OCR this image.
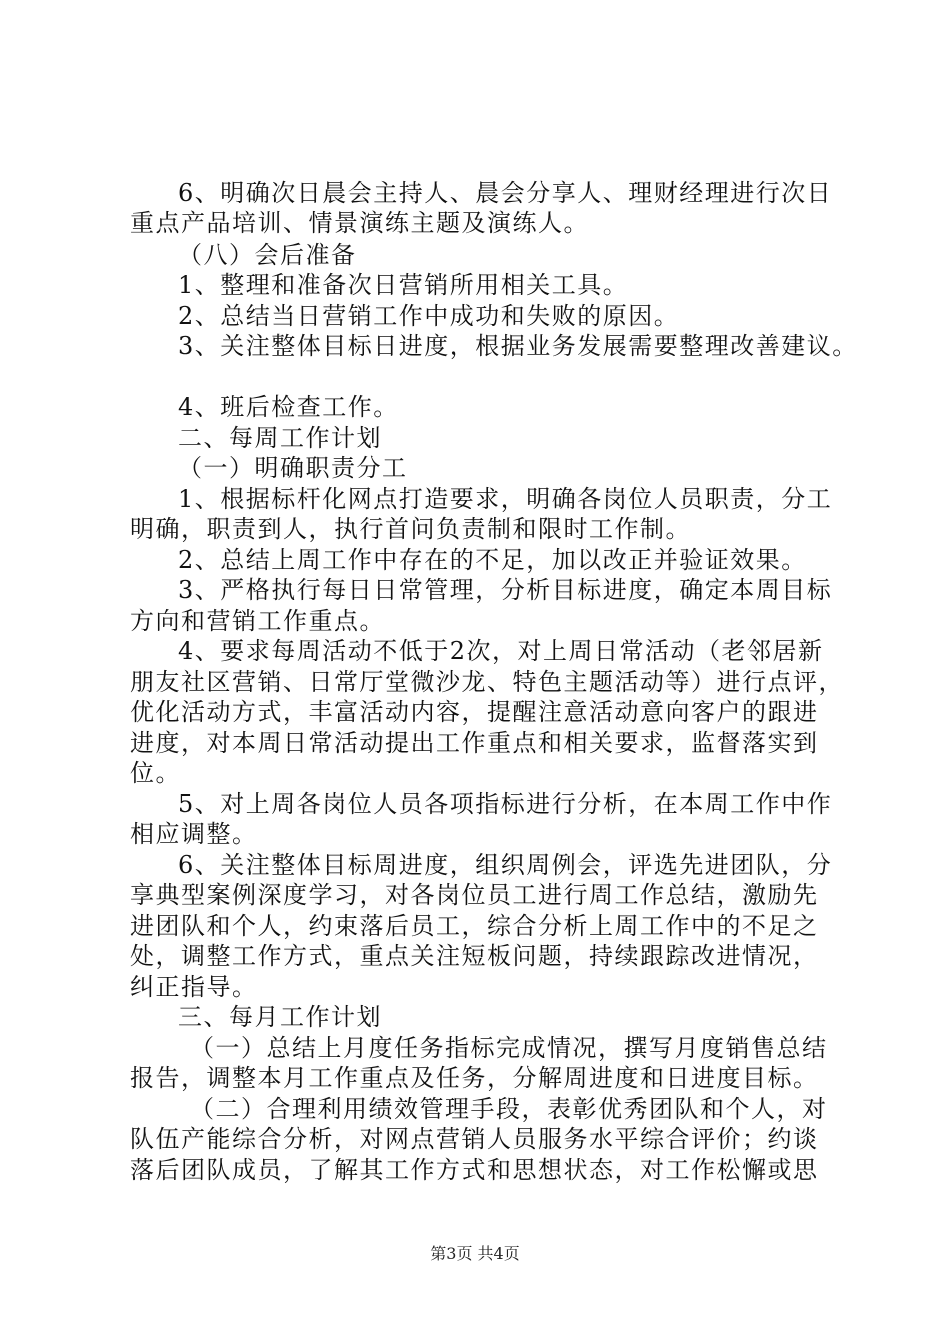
6、明确次日晨会主持人、晨会分享人、理财经理进行次日
重点产品培训、情景演练主题及演练人。
（八）会后准备
1、整理和准备次日营销所用相关工具。
2、总结当日营销工作中成功和失败的原因。
3、关注整体目标日进度，根据业务发展需要整理改善建议。
4、班后检查工作。
二、每周工作计划
（一）明确职责分工
1、根据标杆化网点打造要求，明确各岗位人员职责，分工
明确，职责到人，执行首问负责制和限时工作制。
2、总结上周工作中存在的不足，加以改正并验证效果。
3、严格执行每日日常管理，分析目标进度，确定本周目标
方向和营销工作重点。
4、要求每周活动不低于2次，对上周日常活动（老邻居新
朋友社区营销、日常厅堂微沙龙、特色主题活动等）进行点评，
优化活动方式，丰富活动内容，提醒注意活动意向客户的跟进
进度，对本周日常活动提出工作重点和相关要求，监督落实到
位。
5、对上周各岗位人员各项指标进行分析，在本周工作中作
相应调整。
6、关注整体目标周进度，组织周例会，评选先进团队，分
享典型案例深度学习，对各岗位员工进行周工作总结，激励先
进团队和个人，约束落后员工，综合分析上周工作中的不足之
处，调整工作方式，重点关注短板问题，持续跟踪改进情况，
纠正指导。
三、每月工作计划
（一）总结上月度任务指标完成情况，撰写月度销售总结
报告，调整本月工作重点及任务，分解周进度和日进度目标。
（二）合理利用绩效管理手段，表彰优秀团队和个人，对
队伍产能综合分析，对网点营销人员服务水平综合评价；约谈
落后团队成员，了解其工作方式和思想状态，对工作松懈或思
第3页 共4页
